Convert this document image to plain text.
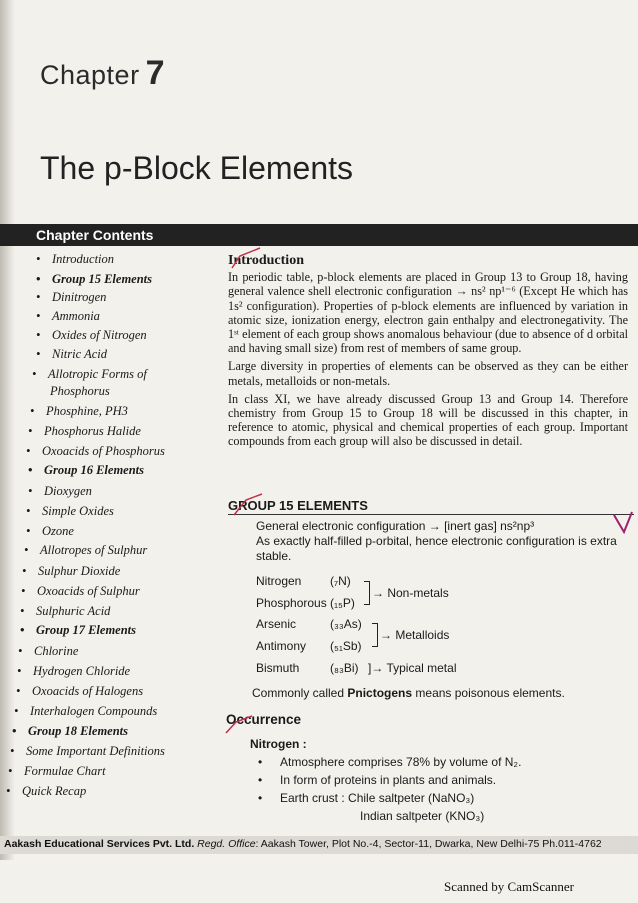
Chapter 7
The p-Block Elements
Chapter Contents
• Introduction
• Group 15 Elements
• Dinitrogen
• Ammonia
• Oxides of Nitrogen
• Nitric Acid
• Allotropic Forms of
Phosphorus
• Phosphine, PH3
• Phosphorus Halide
• Oxoacids of Phosphorus
• Group 16 Elements
• Dioxygen
• Simple Oxides
• Ozone
• Allotropes of Sulphur
• Sulphur Dioxide
• Oxoacids of Sulphur
• Sulphuric Acid
• Group 17 Elements
• Chlorine
• Hydrogen Chloride
• Oxoacids of Halogens
• Interhalogen Compounds
• Group 18 Elements
• Some Important Definitions
• Formulae Chart
• Quick Recap
Introduction

In periodic table, p-block elements are placed in Group 13 to Group 18, having general valence shell electronic configuration → ns² np¹⁻⁶ (Except He which has 1s² configuration). Properties of p-block elements are influenced by variation in atomic size, ionization energy, electron gain enthalpy and electronegativity. The 1ˢᵗ element of each group shows anomalous behaviour (due to absence of d orbital and having small size) from rest of members of same group.

Large diversity in properties of elements can be observed as they can be either metals, metalloids or non-metals.

In class XI, we have already discussed Group 13 and Group 14. Therefore chemistry from Group 15 to Group 18 will be discussed in this chapter, in reference to atomic, physical and chemical properties of each group. Important compounds from each group will also be discussed in detail.

GROUP 15 ELEMENTS
General electronic configuration → [inert gas] ns²np³
As exactly half-filled p-orbital, hence electronic configuration is extra stable.
Nitrogen (₇N)
Phosphorous (₁₅P)
→ Non-metals
Arsenic	(₃₃As)
Antimony (₅₁Sb)
→ Metalloids
Bismuth	(₈₃Bi) ]→ Typical metal
Commonly called Pnictogens means poisonous elements.
Occurrence
Nitrogen :
• Atmosphere comprises 78% by volume of N₂.
• In form of proteins in plants and animals.
• Earth crust : Chile saltpeter (NaNO₃)
Indian saltpeter (KNO₃)
Aakash Educational Services Pvt. Ltd. Regd. Office: Aakash Tower, Plot No.-4, Sector-11, Dwarka, New Delhi-75 Ph.011-4762
Scanned by CamScanner
